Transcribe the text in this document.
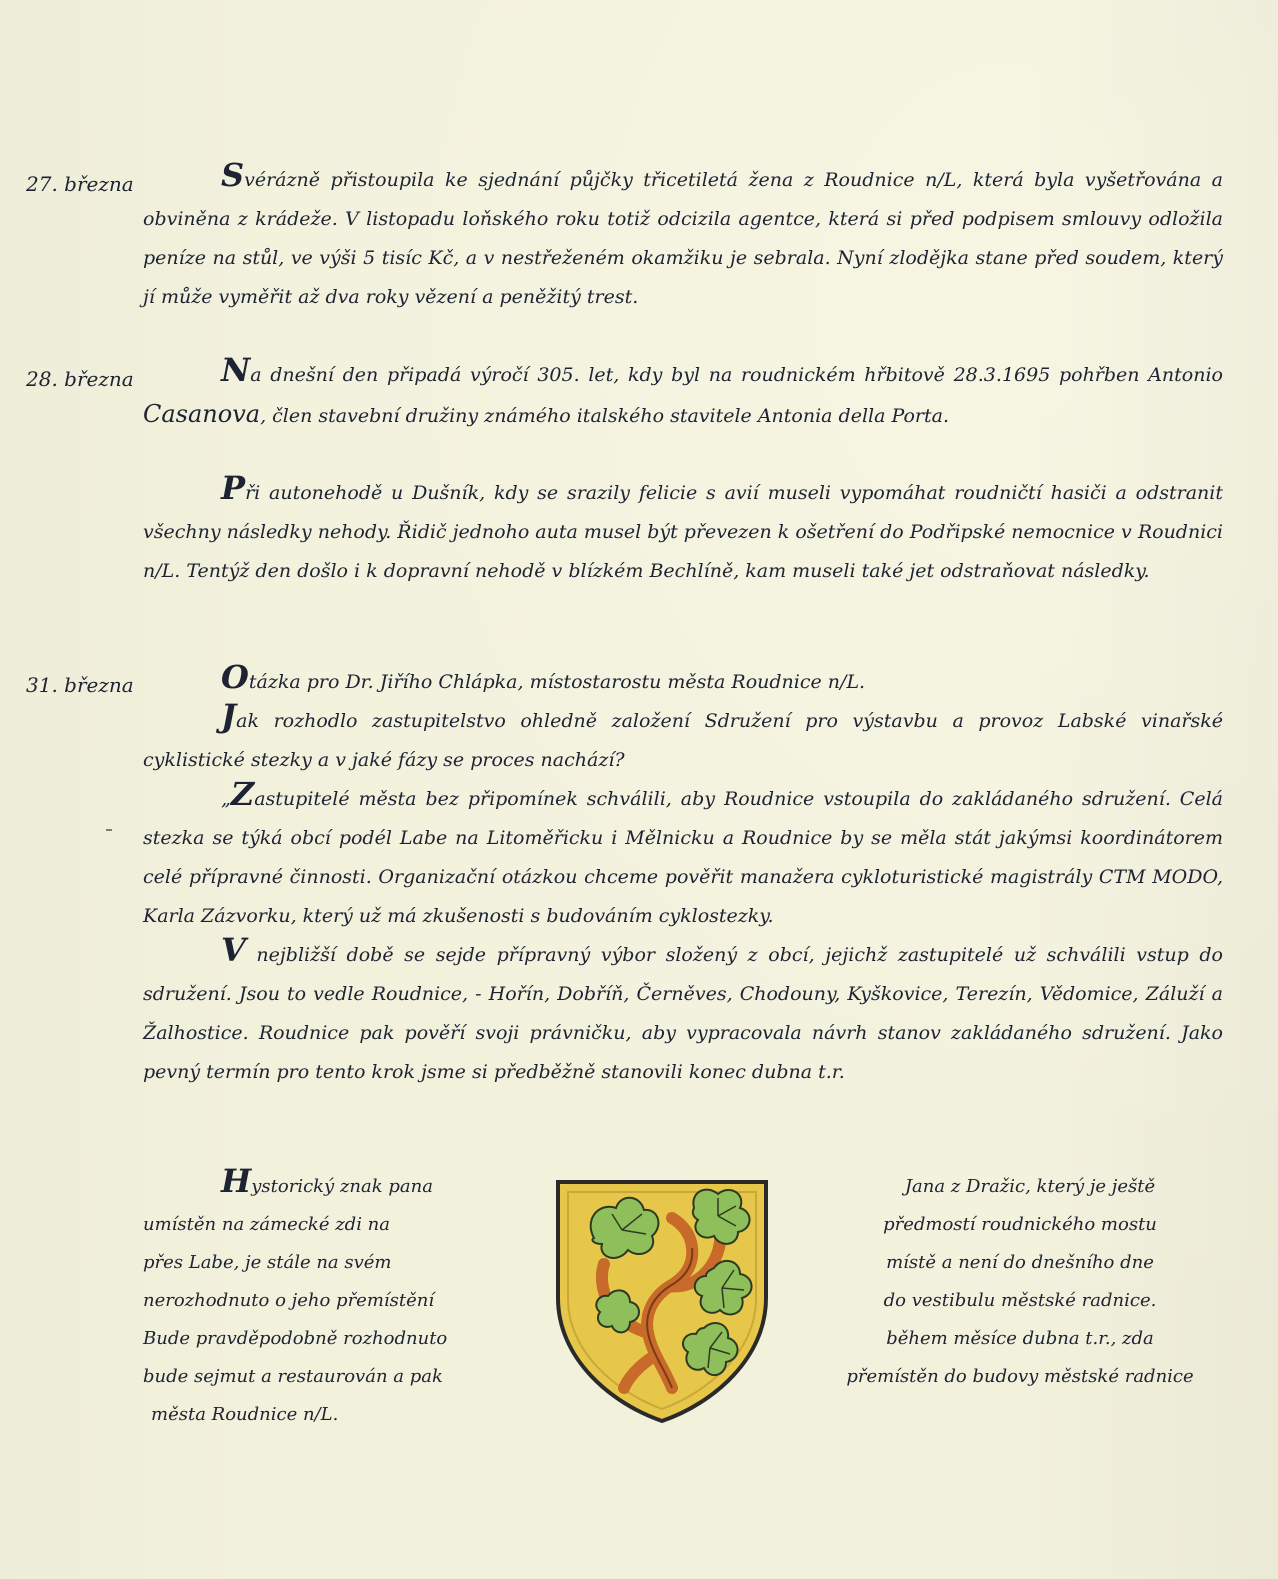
27. března	Svérázně přistoupila ke sjednání půjčky třicetiletá žena z Roudnice n/L, která byla vyšetřována a obviněna z krádeže. V listopadu loňského roku totiž odcizila agentce, která si před podpisem smlouvy odložila peníze na stůl, ve výši 5 tisíc Kč, a v nestřeženém okamžiku je sebrala. Nyní zlodějka stane před soudem, který jí může vyměřit až dva roky vězení a peněžitý trest.

28. března	Na dnešní den připadá výročí 305. let, kdy byl na roudnickém hřbitově 28.3.1695 pohřben Antonio Casanova, člen stavební družiny známého italského stavitele Antonia della Porta.

Při autonehodě u Dušník, kdy se srazily felicie s avií museli vypomáhat roudničtí hasiči a odstranit všechny následky nehody. Řidič jednoho auta musel být převezen k ošetření do Podřipské nemocnice v Roudnici n/L. Tentýž den došlo i k dopravní nehodě v blízkém Bechlíně, kam museli také jet odstraňovat následky.

31. března	Otázka pro Dr. Jiřího Chlápka, místostarostu města Roudnice n/L.

Jak rozhodlo zastupitelstvo ohledně založení Sdružení pro výstavbu a provoz Labské vinařské cyklistické stezky a v jaké fázy se proces nachází?

„Zastupitelé města bez připomínek schválili, aby Roudnice vstoupila do zakládaného sdružení. Celá stezka se týká obcí podél Labe na Litoměřicku i Mělnicku a Roudnice by se měla stát jakýmsi koordinátorem celé přípravné činnosti. Organizační otázkou chceme pověřit manažera cykloturistické magistrály CTM MODO, Karla Zázvorku, který už má zkušenosti s budováním cyklostezky.

V nejbližší době se sejde přípravný výbor složený z obcí, jejichž zastupitelé už schválili vstup do sdružení. Jsou to vedle Roudnice, - Hořín, Dobříň, Černěves, Chodouny, Kyškovice, Terezín, Vědomice, Záluží a Žalhostice. Roudnice pak pověří svoji právničku, aby vypracovala návrh stanov zakládaného sdružení. Jako pevný termín pro tento krok jsme si předběžně stanovili konec dubna t.r.

Hystorický znak pana
umístěn na zámecké zdi na
přes Labe, je stále na svém
nerozhodnuto o jeho přemístění
Bude pravděpodobně rozhodnuto
bude sejmut a restaurován a pak
města Roudnice n/L.
Jana z Dražic, který je ještě
předmostí roudnického mostu
místě a není do dnešního dne
do vestibulu městské radnice.
během měsíce dubna t.r., zda
přemístěn do budovy městské radnice
